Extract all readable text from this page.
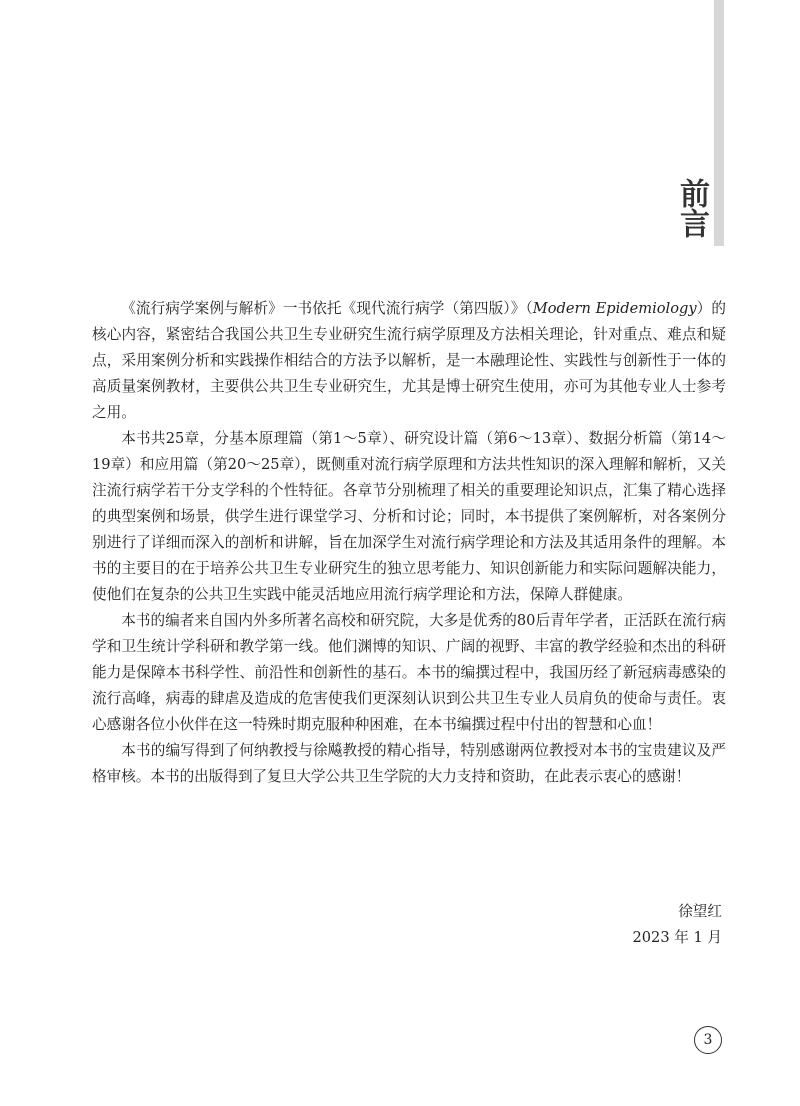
前言

《流行病学案例与解析》一书依托《现代流行病学（第四版）》（Modern Epidemiology）的核心内容，紧密结合我国公共卫生专业研究生流行病学原理及方法相关理论，针对重点、难点和疑点，采用案例分析和实践操作相结合的方法予以解析，是一本融理论性、实践性与创新性于一体的高质量案例教材，主要供公共卫生专业研究生，尤其是博士研究生使用，亦可为其他专业人士参考之用。

本书共25章，分基本原理篇（第1～5章）、研究设计篇（第6～13章）、数据分析篇（第14～19章）和应用篇（第20～25章），既侧重对流行病学原理和方法共性知识的深入理解和解析，又关注流行病学若干分支学科的个性特征。各章节分别梳理了相关的重要理论知识点，汇集了精心选择的典型案例和场景，供学生进行课堂学习、分析和讨论；同时，本书提供了案例解析，对各案例分别进行了详细而深入的剖析和讲解，旨在加深学生对流行病学理论和方法及其适用条件的理解。本书的主要目的在于培养公共卫生专业研究生的独立思考能力、知识创新能力和实际问题解决能力，使他们在复杂的公共卫生实践中能灵活地应用流行病学理论和方法，保障人群健康。

本书的编者来自国内外多所著名高校和研究院，大多是优秀的80后青年学者，正活跃在流行病学和卫生统计学科研和教学第一线。他们渊博的知识、广阔的视野、丰富的教学经验和杰出的科研能力是保障本书科学性、前沿性和创新性的基石。本书的编撰过程中，我国历经了新冠病毒感染的流行高峰，病毒的肆虐及造成的危害使我们更深刻认识到公共卫生专业人员肩负的使命与责任。衷心感谢各位小伙伴在这一特殊时期克服种种困难，在本书编撰过程中付出的智慧和心血！

本书的编写得到了何纳教授与徐飚教授的精心指导，特别感谢两位教授对本书的宝贵建议及严格审核。本书的出版得到了复旦大学公共卫生学院的大力支持和资助，在此表示衷心的感谢！

徐望红
2023 年 1 月
3
